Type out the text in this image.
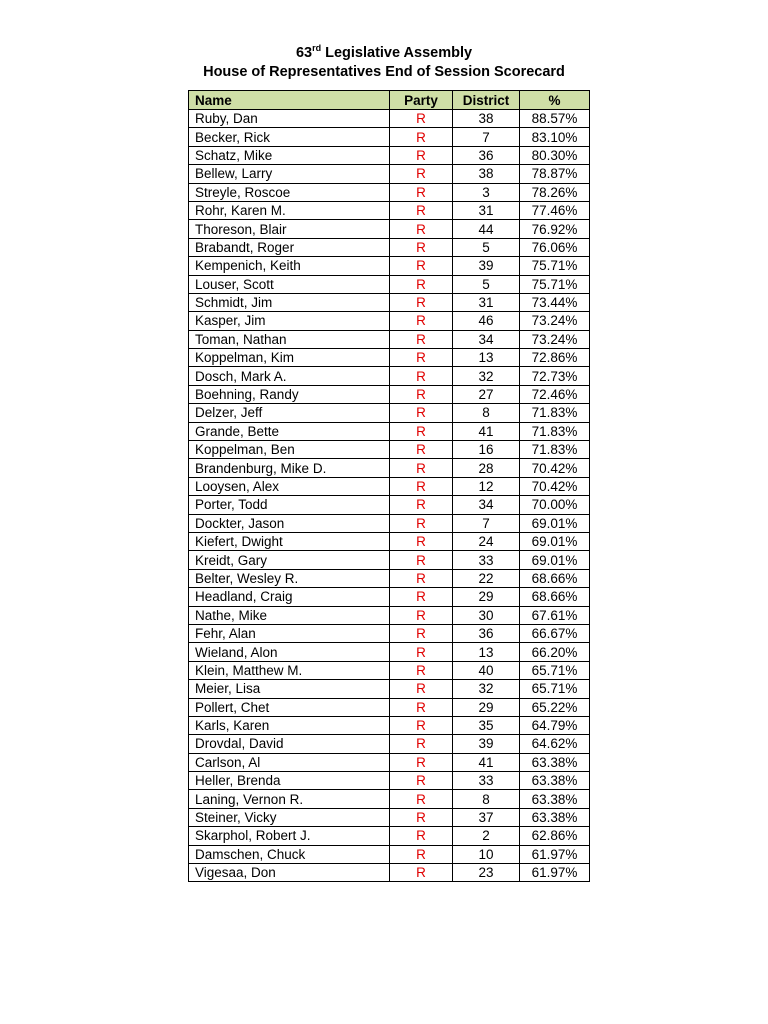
63rd Legislative Assembly
House of Representatives End of Session Scorecard
Name	Party	District	%
Ruby, Dan	R	38	88.57%
Becker, Rick	R	7	83.10%
Schatz, Mike	R	36	80.30%
Bellew, Larry	R	38	78.87%
Streyle, Roscoe	R	3	78.26%
Rohr, Karen M.	R	31	77.46%
Thoreson, Blair	R	44	76.92%
Brabandt, Roger	R	5	76.06%
Kempenich, Keith	R	39	75.71%
Louser, Scott	R	5	75.71%
Schmidt, Jim	R	31	73.44%
Kasper, Jim	R	46	73.24%
Toman, Nathan	R	34	73.24%
Koppelman, Kim	R	13	72.86%
Dosch, Mark A.	R	32	72.73%
Boehning, Randy	R	27	72.46%
Delzer, Jeff	R	8	71.83%
Grande, Bette	R	41	71.83%
Koppelman, Ben	R	16	71.83%
Brandenburg, Mike D.	R	28	70.42%
Looysen, Alex	R	12	70.42%
Porter, Todd	R	34	70.00%
Dockter, Jason	R	7	69.01%
Kiefert, Dwight	R	24	69.01%
Kreidt, Gary	R	33	69.01%
Belter, Wesley R.	R	22	68.66%
Headland, Craig	R	29	68.66%
Nathe, Mike	R	30	67.61%
Fehr, Alan	R	36	66.67%
Wieland, Alon	R	13	66.20%
Klein, Matthew M.	R	40	65.71%
Meier, Lisa	R	32	65.71%
Pollert, Chet	R	29	65.22%
Karls, Karen	R	35	64.79%
Drovdal, David	R	39	64.62%
Carlson, Al	R	41	63.38%
Heller, Brenda	R	33	63.38%
Laning, Vernon R.	R	8	63.38%
Steiner, Vicky	R	37	63.38%
Skarphol, Robert J.	R	2	62.86%
Damschen, Chuck	R	10	61.97%
Vigesaa, Don	R	23	61.97%
